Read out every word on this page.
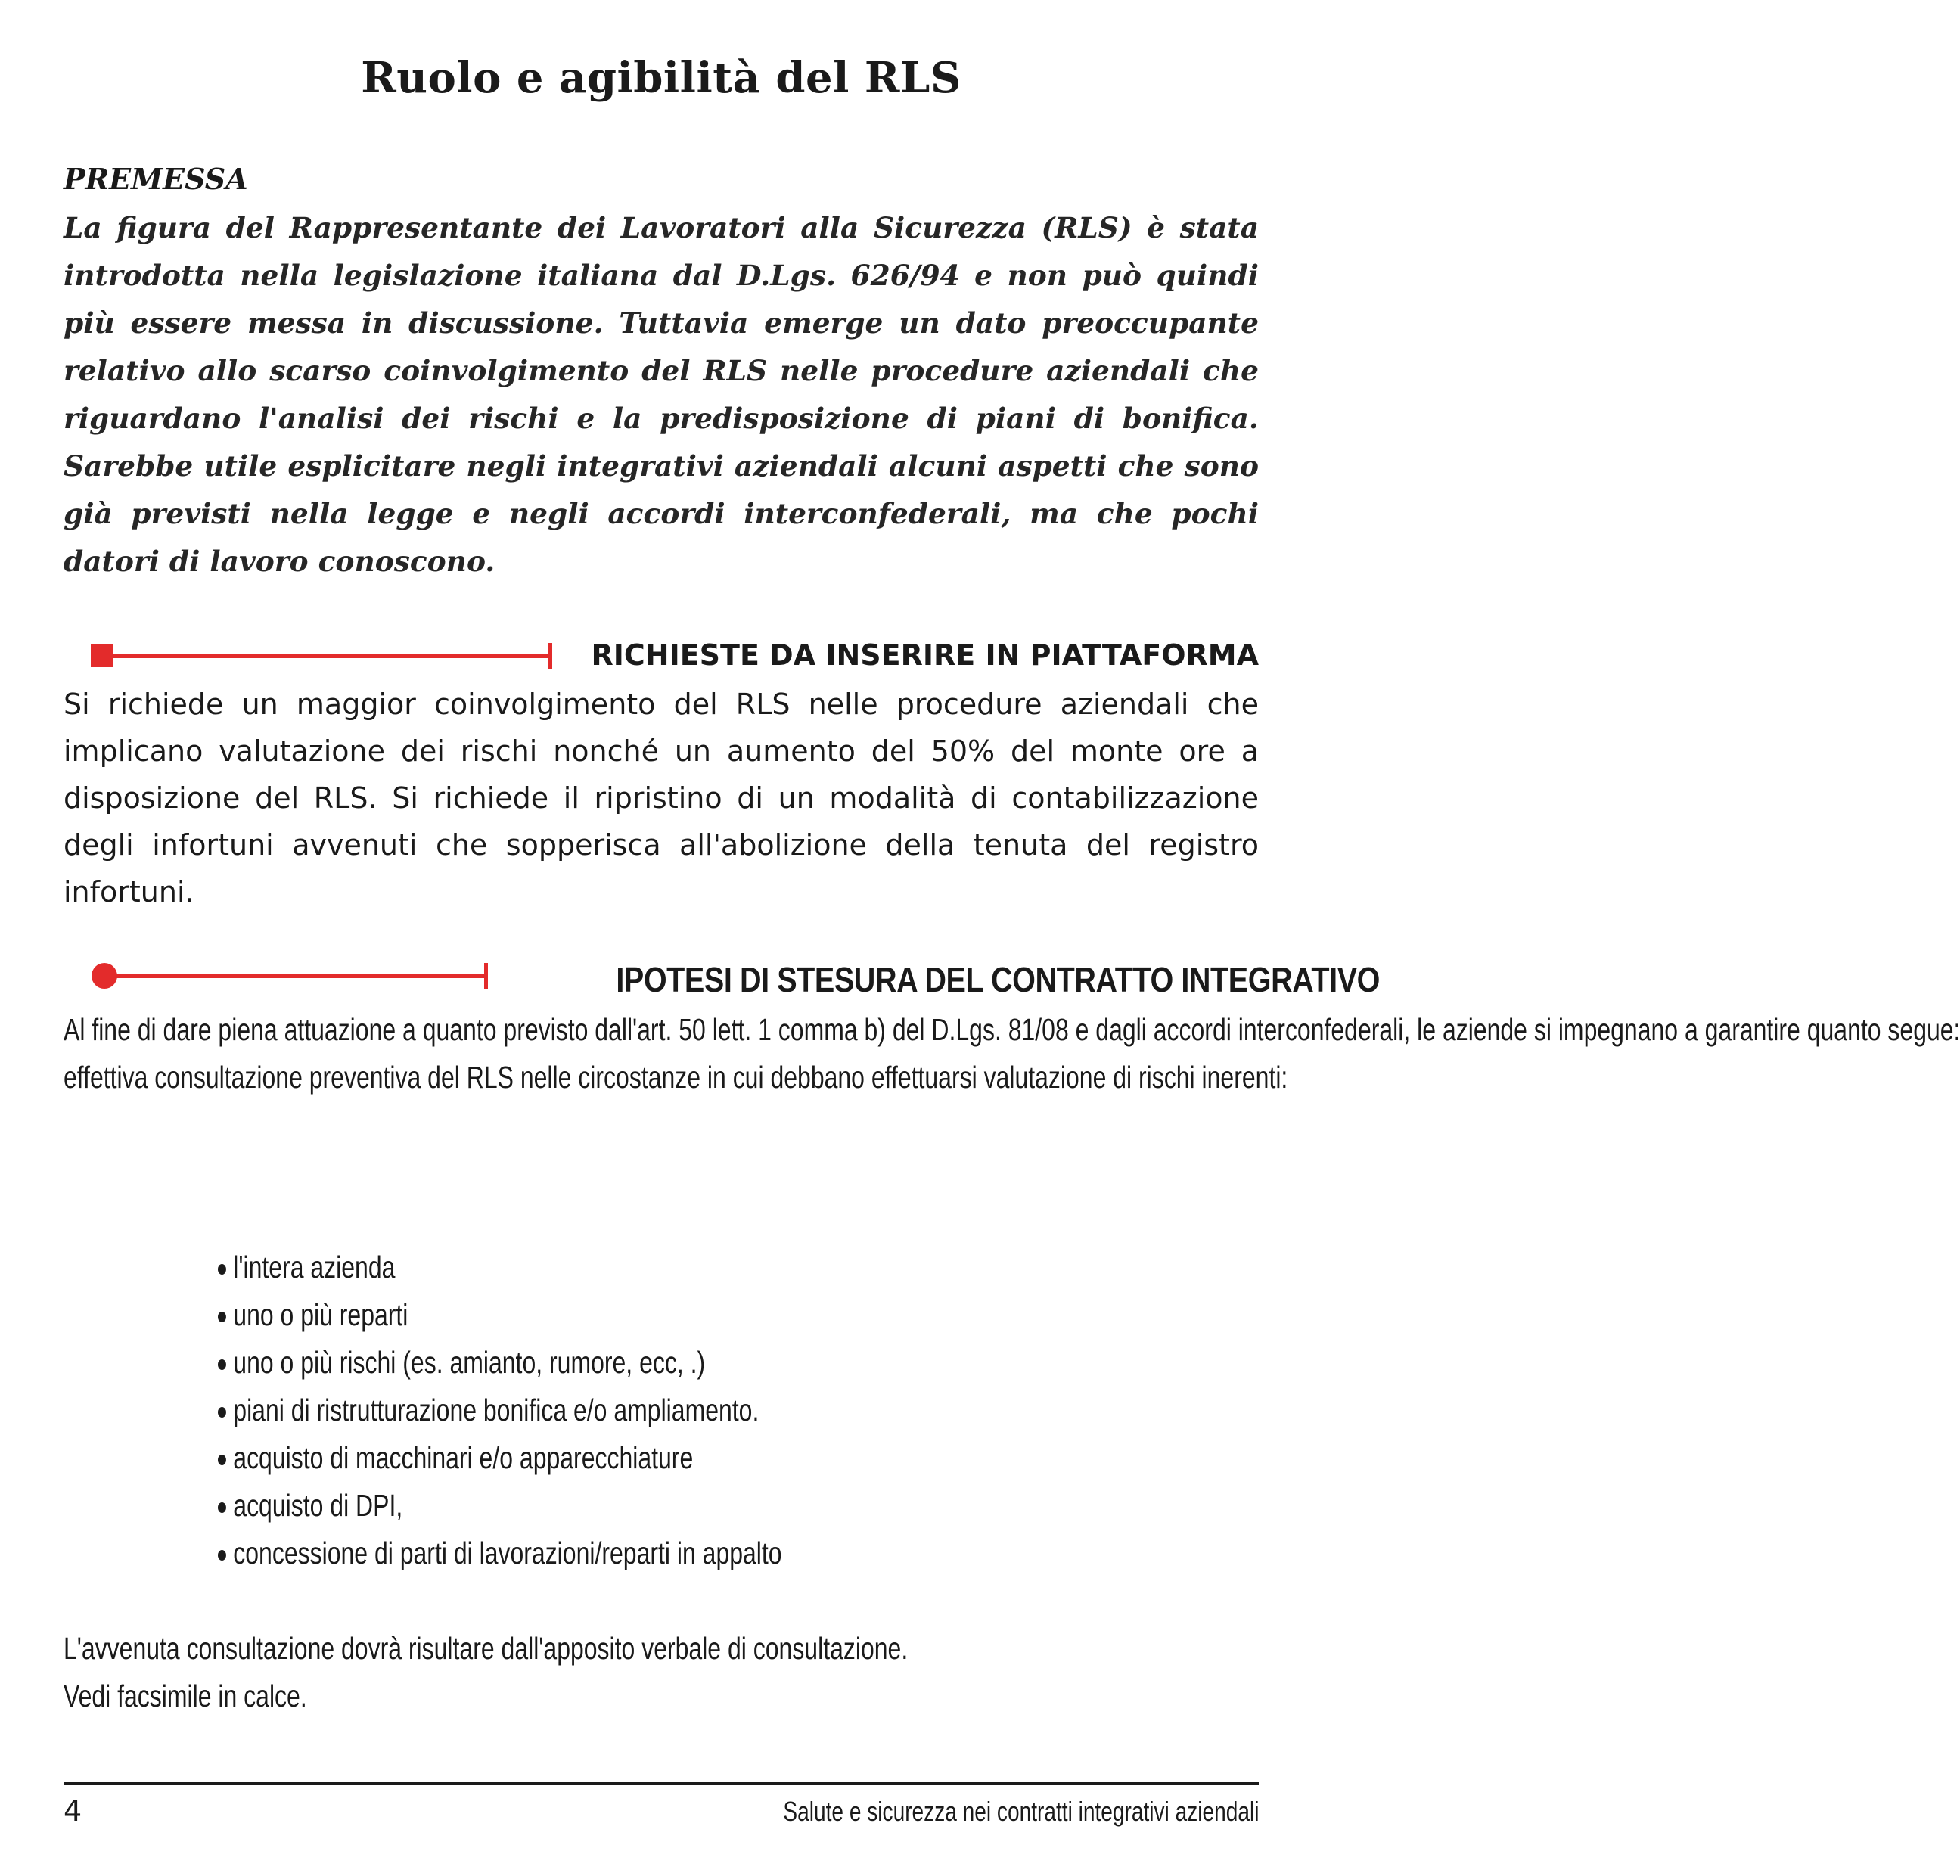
Ruolo e agibilità del RLS
PREMESSA
La figura del Rappresentante dei Lavoratori alla Sicurezza (RLS) è stata introdotta nella legislazione italiana dal D.Lgs. 626/94 e non può quindi più essere messa in discussione. Tuttavia emerge un dato preoccupante relativo allo scarso coinvolgimento del RLS nelle procedure aziendali che riguardano l'analisi dei rischi e la predisposizione di piani di bonifica. Sarebbe utile esplicitare negli integrativi aziendali alcuni aspetti che sono già previsti nella legge e negli accordi interconfederali, ma che pochi datori di lavoro conoscono.
RICHIESTE DA INSERIRE IN PIATTAFORMA
Si richiede un maggior coinvolgimento del RLS nelle procedure aziendali che implicano valutazione dei rischi nonché un aumento del 50% del monte ore a disposizione del RLS. Si richiede il ripristino di un modalità di contabilizzazione degli infortuni avvenuti che sopperisca all'abolizione della tenuta del registro infortuni.
IPOTESI DI STESURA DEL CONTRATTO INTEGRATIVO
Al fine di dare piena attuazione a quanto previsto dall'art. 50 lett. 1 comma b) del D.Lgs. 81/08 e dagli accordi interconfederali, le aziende si impegnano a garantire quanto segue:

effettiva consultazione preventiva del RLS nelle circostanze in cui debbano effettuarsi valutazione di rischi inerenti:
l'intera azienda
uno o più reparti
uno o più rischi (es. amianto, rumore, ecc, .)
piani di ristrutturazione bonifica e/o ampliamento.
acquisto di macchinari e/o apparecchiature
acquisto di DPI,
concessione di parti di lavorazioni/reparti in appalto
L'avvenuta consultazione dovrà risultare dall'apposito verbale di consultazione.
Vedi facsimile in calce.
4	Salute e sicurezza nei contratti integrativi aziendali
